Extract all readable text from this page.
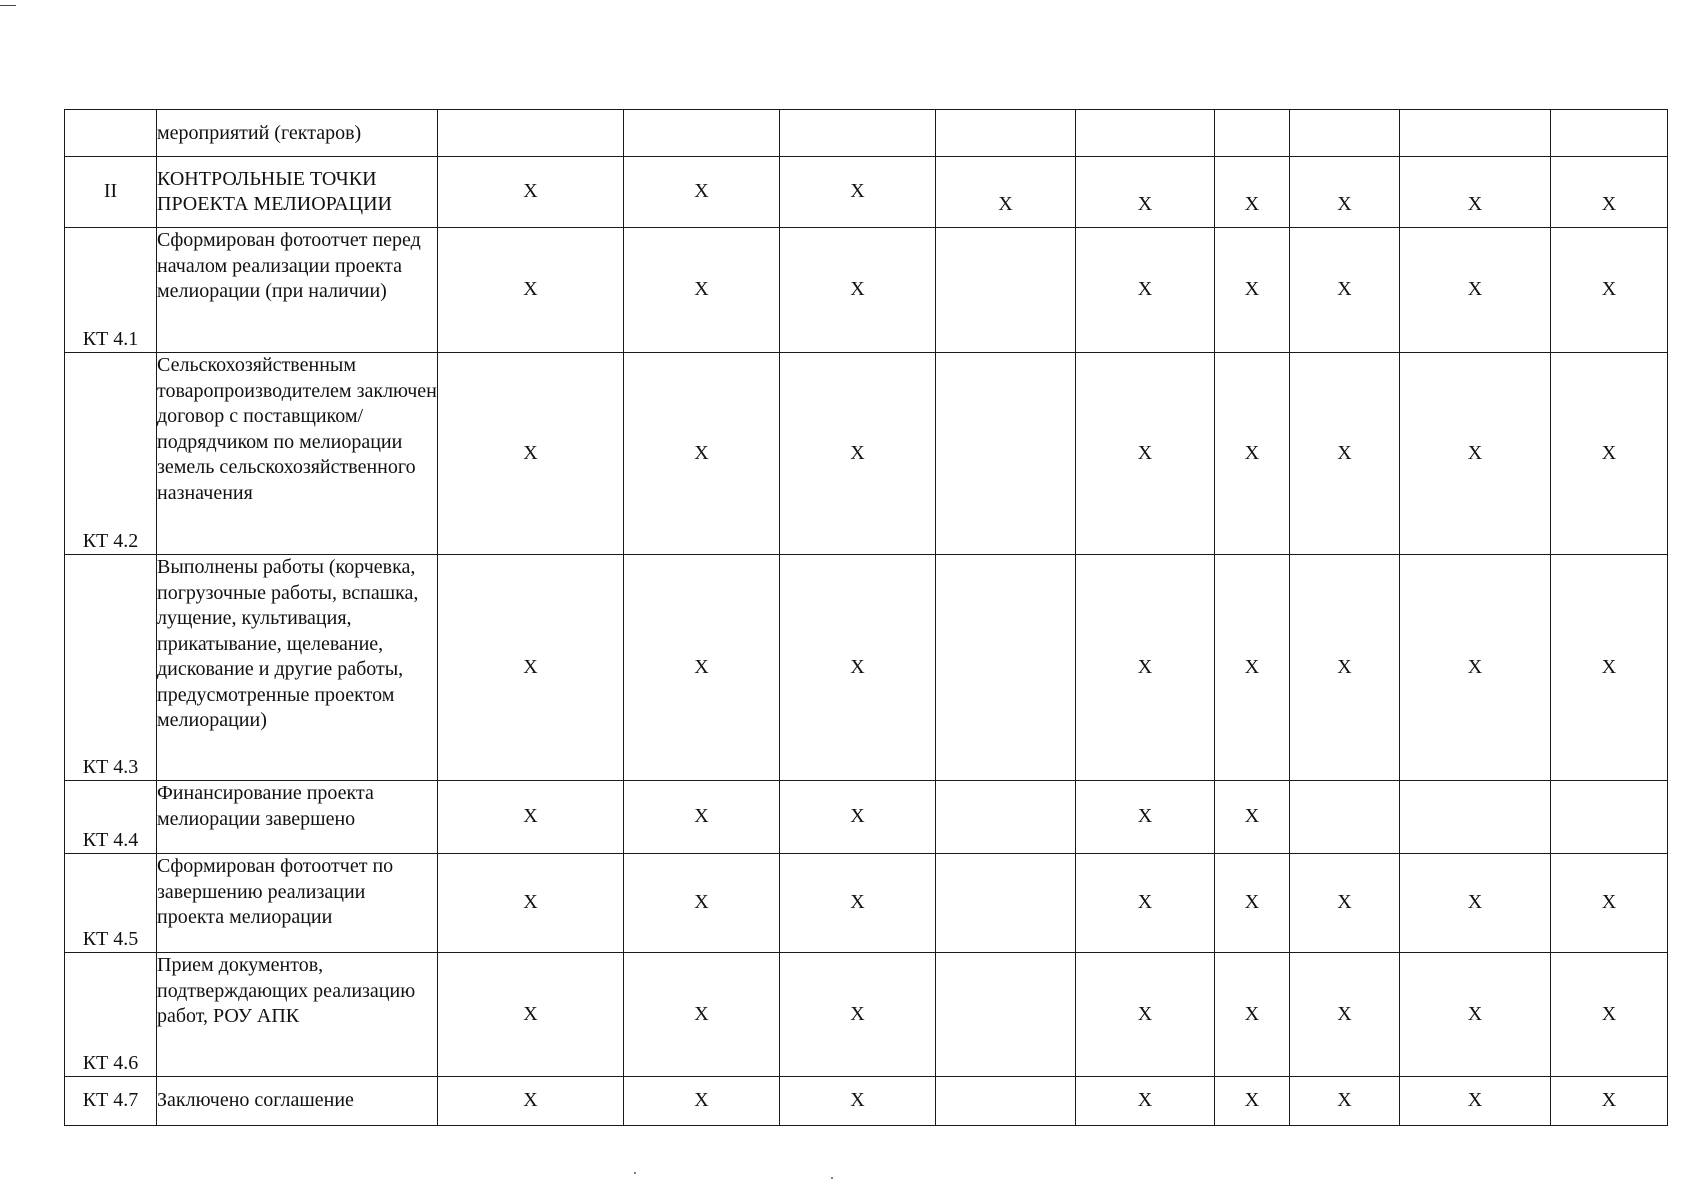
	мероприятий (гектаров)									
II	КОНТРОЛЬНЫЕ ТОЧКИ ПРОЕКТА МЕЛИОРАЦИИ	X	X	X	X	X	X	X	X	X
КТ 4.1	Сформирован фотоотчет перед началом реализации проекта мелиорации (при наличии)	X	X	X		X	X	X	X	X
КТ 4.2	Сельскохозяйственным товаропроизводителем заключен договор с поставщиком/подрядчиком по мелиорации земель сельскохозяйственного назначения	X	X	X		X	X	X	X	X
КТ 4.3	Выполнены работы (корчевка, погрузочные работы, вспашка, лущение, культивация, прикатывание, щелевание, дискование и другие работы, предусмотренные проектом мелиорации)	X	X	X		X	X	X	X	X
КТ 4.4	Финансирование проекта мелиорации завершено	X	X	X		X	X			
КТ 4.5	Сформирован фотоотчет по завершению реализации проекта мелиорации	X	X	X		X	X	X	X	X
КТ 4.6	Прием документов, подтверждающих реализацию работ, РОУ АПК	X	X	X		X	X	X	X	X
КТ 4.7	Заключено соглашение	X	X	X		X	X	X	X	X
